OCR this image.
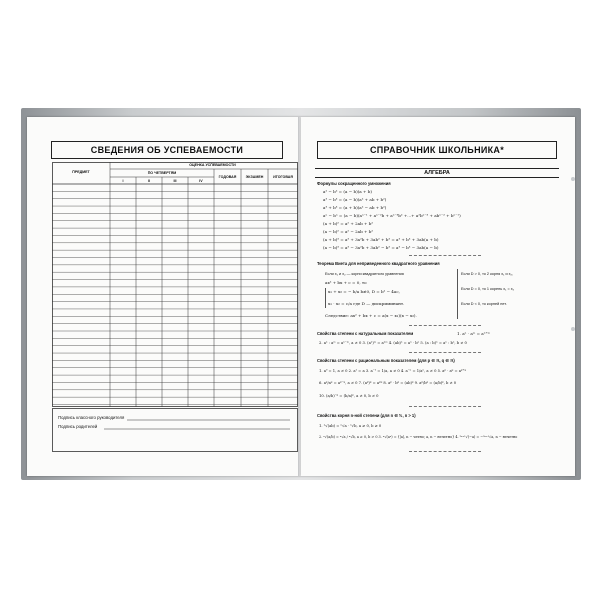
СВЕДЕНИЯ ОБ УСПЕВАЕМОСТИ
ПРЕДМЕТ
ОЦЕНКА УСПЕВАЕМОСТИ
ПО ЧЕТВЕРТЯМ
I	II	III	IV
ГОДОВАЯ	ЭКЗАМЕН	ИТОГОВАЯ
Подпись классного руководителя
Подпись родителей
СПРАВОЧНИК ШКОЛЬНИКА*
АЛГЕБРА
Формулы сокращенного умножения
a² − b² = (a − b)(a + b)
a³ − b³ = (a − b)(a² + ab + b²)
a³ + b³ = (a + b)(a² − ab + b²)
aⁿ − bⁿ = (a − b)(aⁿ⁻¹ + aⁿ⁻²b + aⁿ⁻³b² +...+ a²bⁿ⁻³ + abⁿ⁻² + bⁿ⁻¹)
(a + b)² = a² + 2ab + b²
(a − b)² = a² − 2ab + b²
(a + b)³ = a³ + 3a²b + 3ab² + b³ = a³ + b³ + 3ab(a + b)
(a − b)³ = a³ − 3a²b + 3ab² − b³ = a³ − b³ − 3ab(a − b)
Теорема Виета для неприведенного квадратного уравнения
Если x₁ и x₂ — корни квадратного уравнения
ax² + bx + c = 0, то
x₁ + x₂ = − b/a b≠0, D = b² − 4ac,
x₁ · x₂ = c/a где D — дискриминант.
Следствие: ax² + bx + c = a(x − x₁)(x − x₂).
Если D > 0, то 2 корня x₁ и x₂,
Если D = 0, то 1 корень x₁ = x₂
Если D < 0, то корней нет.
Свойства степени с натуральным показателем	1. aⁿ · aᵐ = aⁿ⁺ᵐ
2. aⁿ : aᵐ = aⁿ⁻ᵐ, a ≠ 0 3. (aⁿ)ᵐ = aⁿᵐ 4. (ab)ⁿ = aⁿ · bⁿ 5. (a : b)ⁿ = aⁿ : bⁿ, b ≠ 0
Свойства степени с рациональным показателем (для p ∈ ℝ, q ∈ ℝ)
1. a⁰ = 1, a ≠ 0 2. a¹ = a 3. a⁻¹ = 1/a, a ≠ 0 4. a⁻ⁿ = 1/aⁿ, a ≠ 0 5. aᵖ · aᵠ = aᵖ⁺ᵠ
6. aᵖ/aᵠ = aᵖ⁻ᵠ, a ≠ 0 7. (aᵖ)ᵠ = aᵖᵠ 8. aᵖ · bᵖ = (ab)ᵖ 9. aᵖ/bᵖ = (a/b)ᵖ, b ≠ 0
10. (a/b)⁻ᵖ = (b/a)ᵖ, a ≠ 0, b ≠ 0
Свойства корня n-ной степени (для n ∈ ℕ, n > 1)
1. ⁿ√(ab) = ⁿ√a · ⁿ√b, a ≥ 0, b ≥ 0
2. ⁿ√(a/b) = ⁿ√a / ⁿ√b, a ≥ 0, b > 0 3. ⁿ√(aⁿ) = {|a|, n − четно; a, n − нечетно} 4. ²ⁿ⁺¹√(−a) = −²ⁿ⁺¹√a, n − нечетно
